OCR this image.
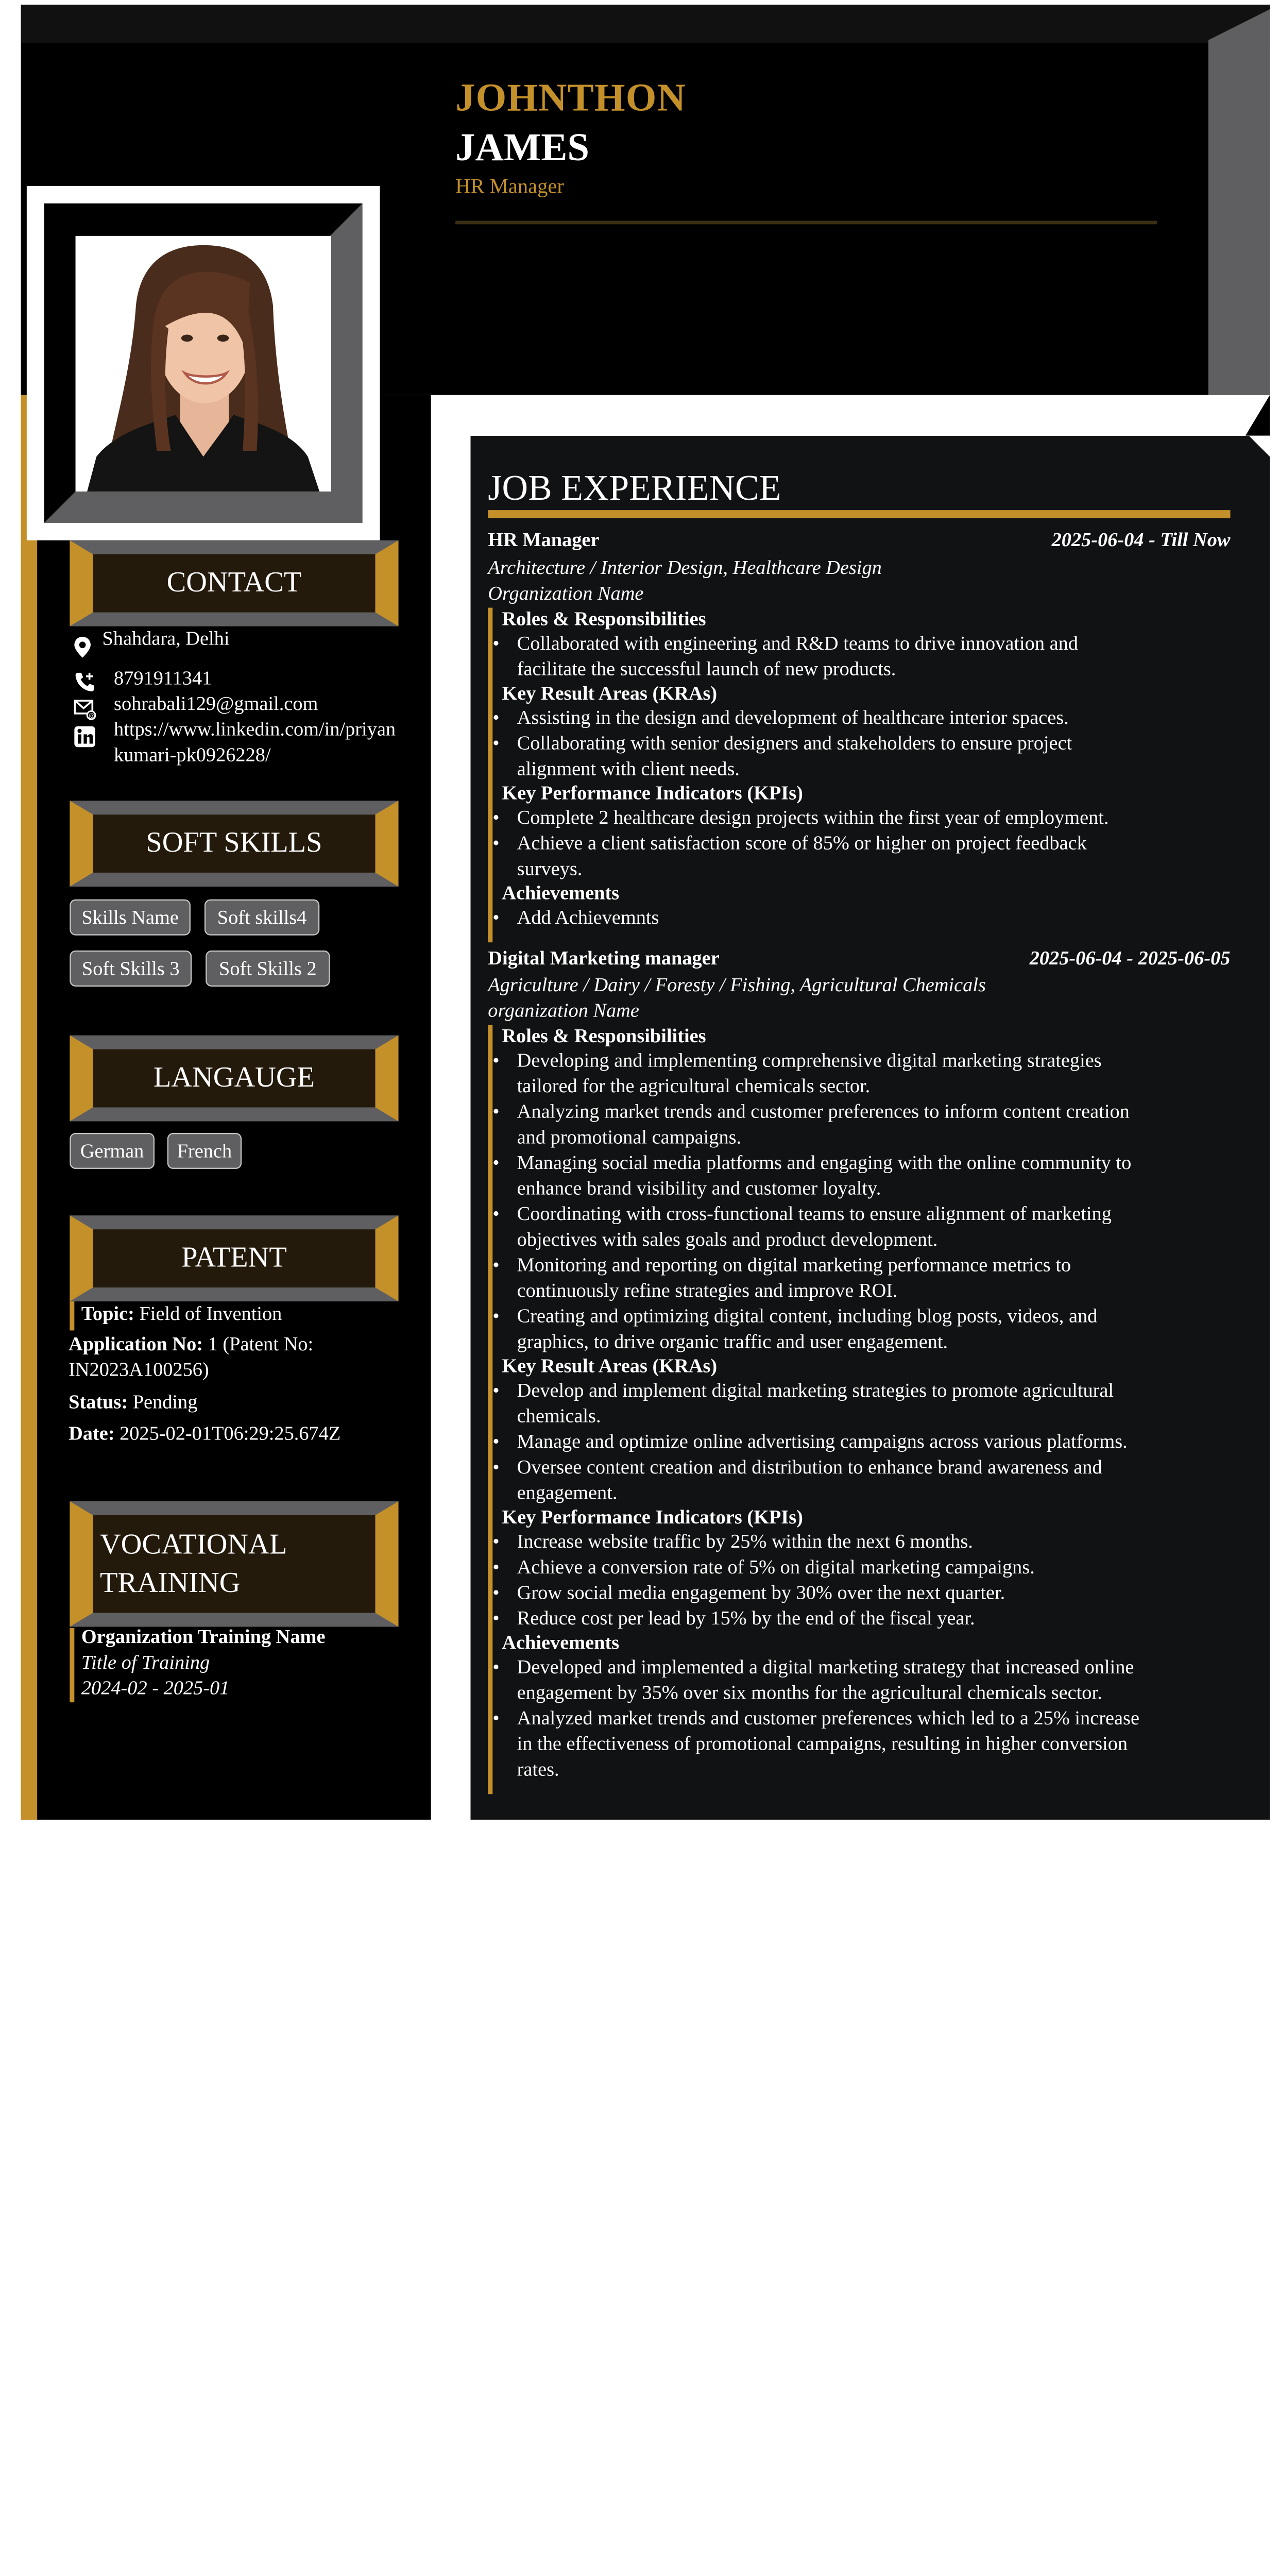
JOHNTHON
JAMES
HR Manager
CONTACT
Shahdara, Delhi
8791911341
@
sohrabali129@gmail.com
https://www.linkedin.com/in/priyan
kumari-pk0926228/
SOFT SKILLS
Skills Name	Soft skills4
Soft Skills 3	Soft Skills 2
LANGAUGE
German	French
PATENT
Topic: Field of Invention
Application No: 1 (Patent No:
IN2023A100256)
Status: Pending
Date: 2025-02-01T06:29:25.674Z
VOCATIONAL TRAINING
Organization Training Name
Title of Training
2024-02 - 2025-01
JOB EXPERIENCE
HR Manager	2025-06-04 - Till Now
Architecture / Interior Design, Healthcare Design
Organization Name
Roles & Responsibilities
• Collaborated with engineering and R&D teams to drive innovation and
facilitate the successful launch of new products.
Key Result Areas (KRAs)
• Assisting in the design and development of healthcare interior spaces.
• Collaborating with senior designers and stakeholders to ensure project
alignment with client needs.
Key Performance Indicators (KPIs)
• Complete 2 healthcare design projects within the first year of employment.
• Achieve a client satisfaction score of 85% or higher on project feedback
surveys.
Achievements
• Add Achievemnts
Digital Marketing manager	2025-06-04 - 2025-06-05
Agriculture / Dairy / Foresty / Fishing, Agricultural Chemicals
organization Name
Roles & Responsibilities
• Developing and implementing comprehensive digital marketing strategies
tailored for the agricultural chemicals sector.
• Analyzing market trends and customer preferences to inform content creation
and promotional campaigns.
• Managing social media platforms and engaging with the online community to
enhance brand visibility and customer loyalty.
• Coordinating with cross-functional teams to ensure alignment of marketing
objectives with sales goals and product development.
• Monitoring and reporting on digital marketing performance metrics to
continuously refine strategies and improve ROI.
• Creating and optimizing digital content, including blog posts, videos, and
graphics, to drive organic traffic and user engagement.
Key Result Areas (KRAs)
• Develop and implement digital marketing strategies to promote agricultural
chemicals.
• Manage and optimize online advertising campaigns across various platforms.
• Oversee content creation and distribution to enhance brand awareness and
engagement.
Key Performance Indicators (KPIs)
• Increase website traffic by 25% within the next 6 months.
• Achieve a conversion rate of 5% on digital marketing campaigns.
• Grow social media engagement by 30% over the next quarter.
• Reduce cost per lead by 15% by the end of the fiscal year.
Achievements
• Developed and implemented a digital marketing strategy that increased online
engagement by 35% over six months for the agricultural chemicals sector.
• Analyzed market trends and customer preferences which led to a 25% increase
in the effectiveness of promotional campaigns, resulting in higher conversion
rates.
